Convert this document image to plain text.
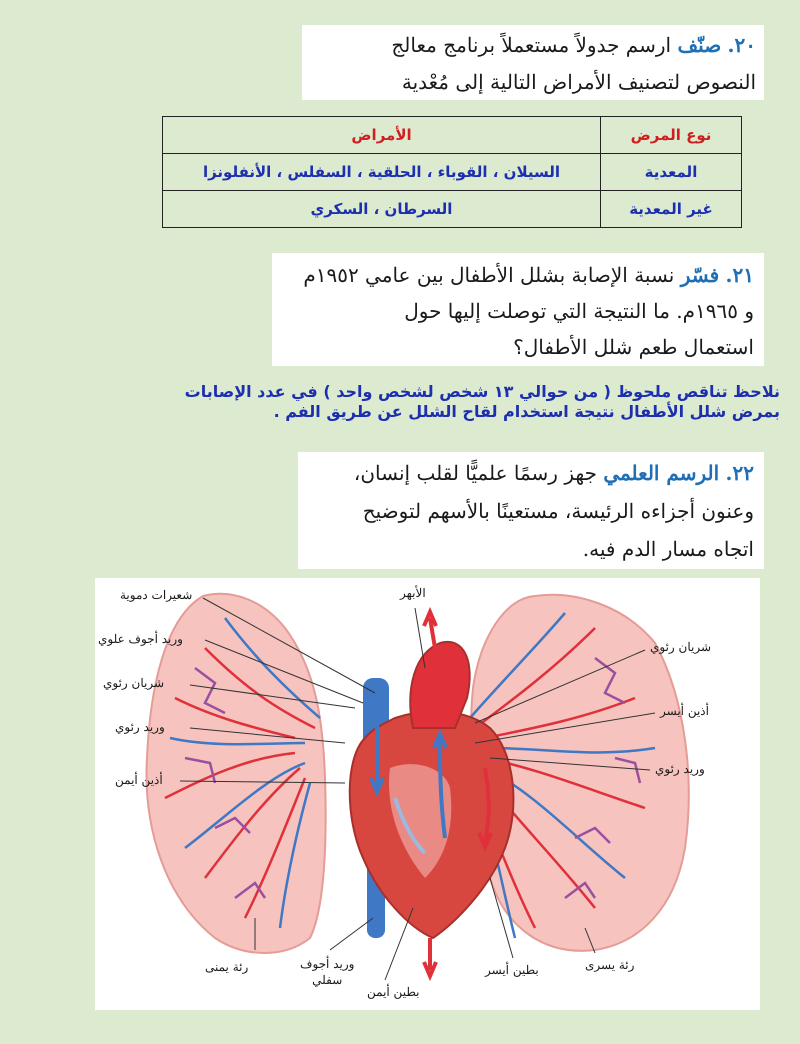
٢٠. صنّف ارسم جدولاً مستعملاً برنامج معالج
النصوص لتصنيف الأمراض التالية إلى مُعْدية
نوع المرض	الأمراض
المعدية	السيلان ، القوباء ، الحلقية ، السفلس ، الأنفلونزا
غير المعدية	السرطان ، السكري
٢١. فسّر نسبة الإصابة بشلل الأطفال بين عامي ١٩٥٢م
و ١٩٦٥م. ما النتيجة التي توصلت إليها حول
استعمال طعم شلل الأطفال؟
نلاحظ تناقص ملحوظ ( من حوالي ١٣ شخص لشخص واحد ) في عدد الإصابات
بمرض شلل الأطفال نتيجة استخدام لقاح الشلل عن طريق الفم .
٢٢. الرسم العلمي جهز رسمًا علميًّا لقلب إنسان،
وعنون أجزاءه الرئيسة، مستعينًا بالأسهم لتوضيح
اتجاه مسار الدم فيه.
شعيرات دموية	الأبهر
وريد أجوف علوي
شريان رئوي
شريان رئوي
أذين أيسر
وريد رئوي
وريد رئوي
أذين أيمن
رئة يمنى	وريد أجوف
سفلي
بطين أيمن
بطين أيسر	رئة يسرى
